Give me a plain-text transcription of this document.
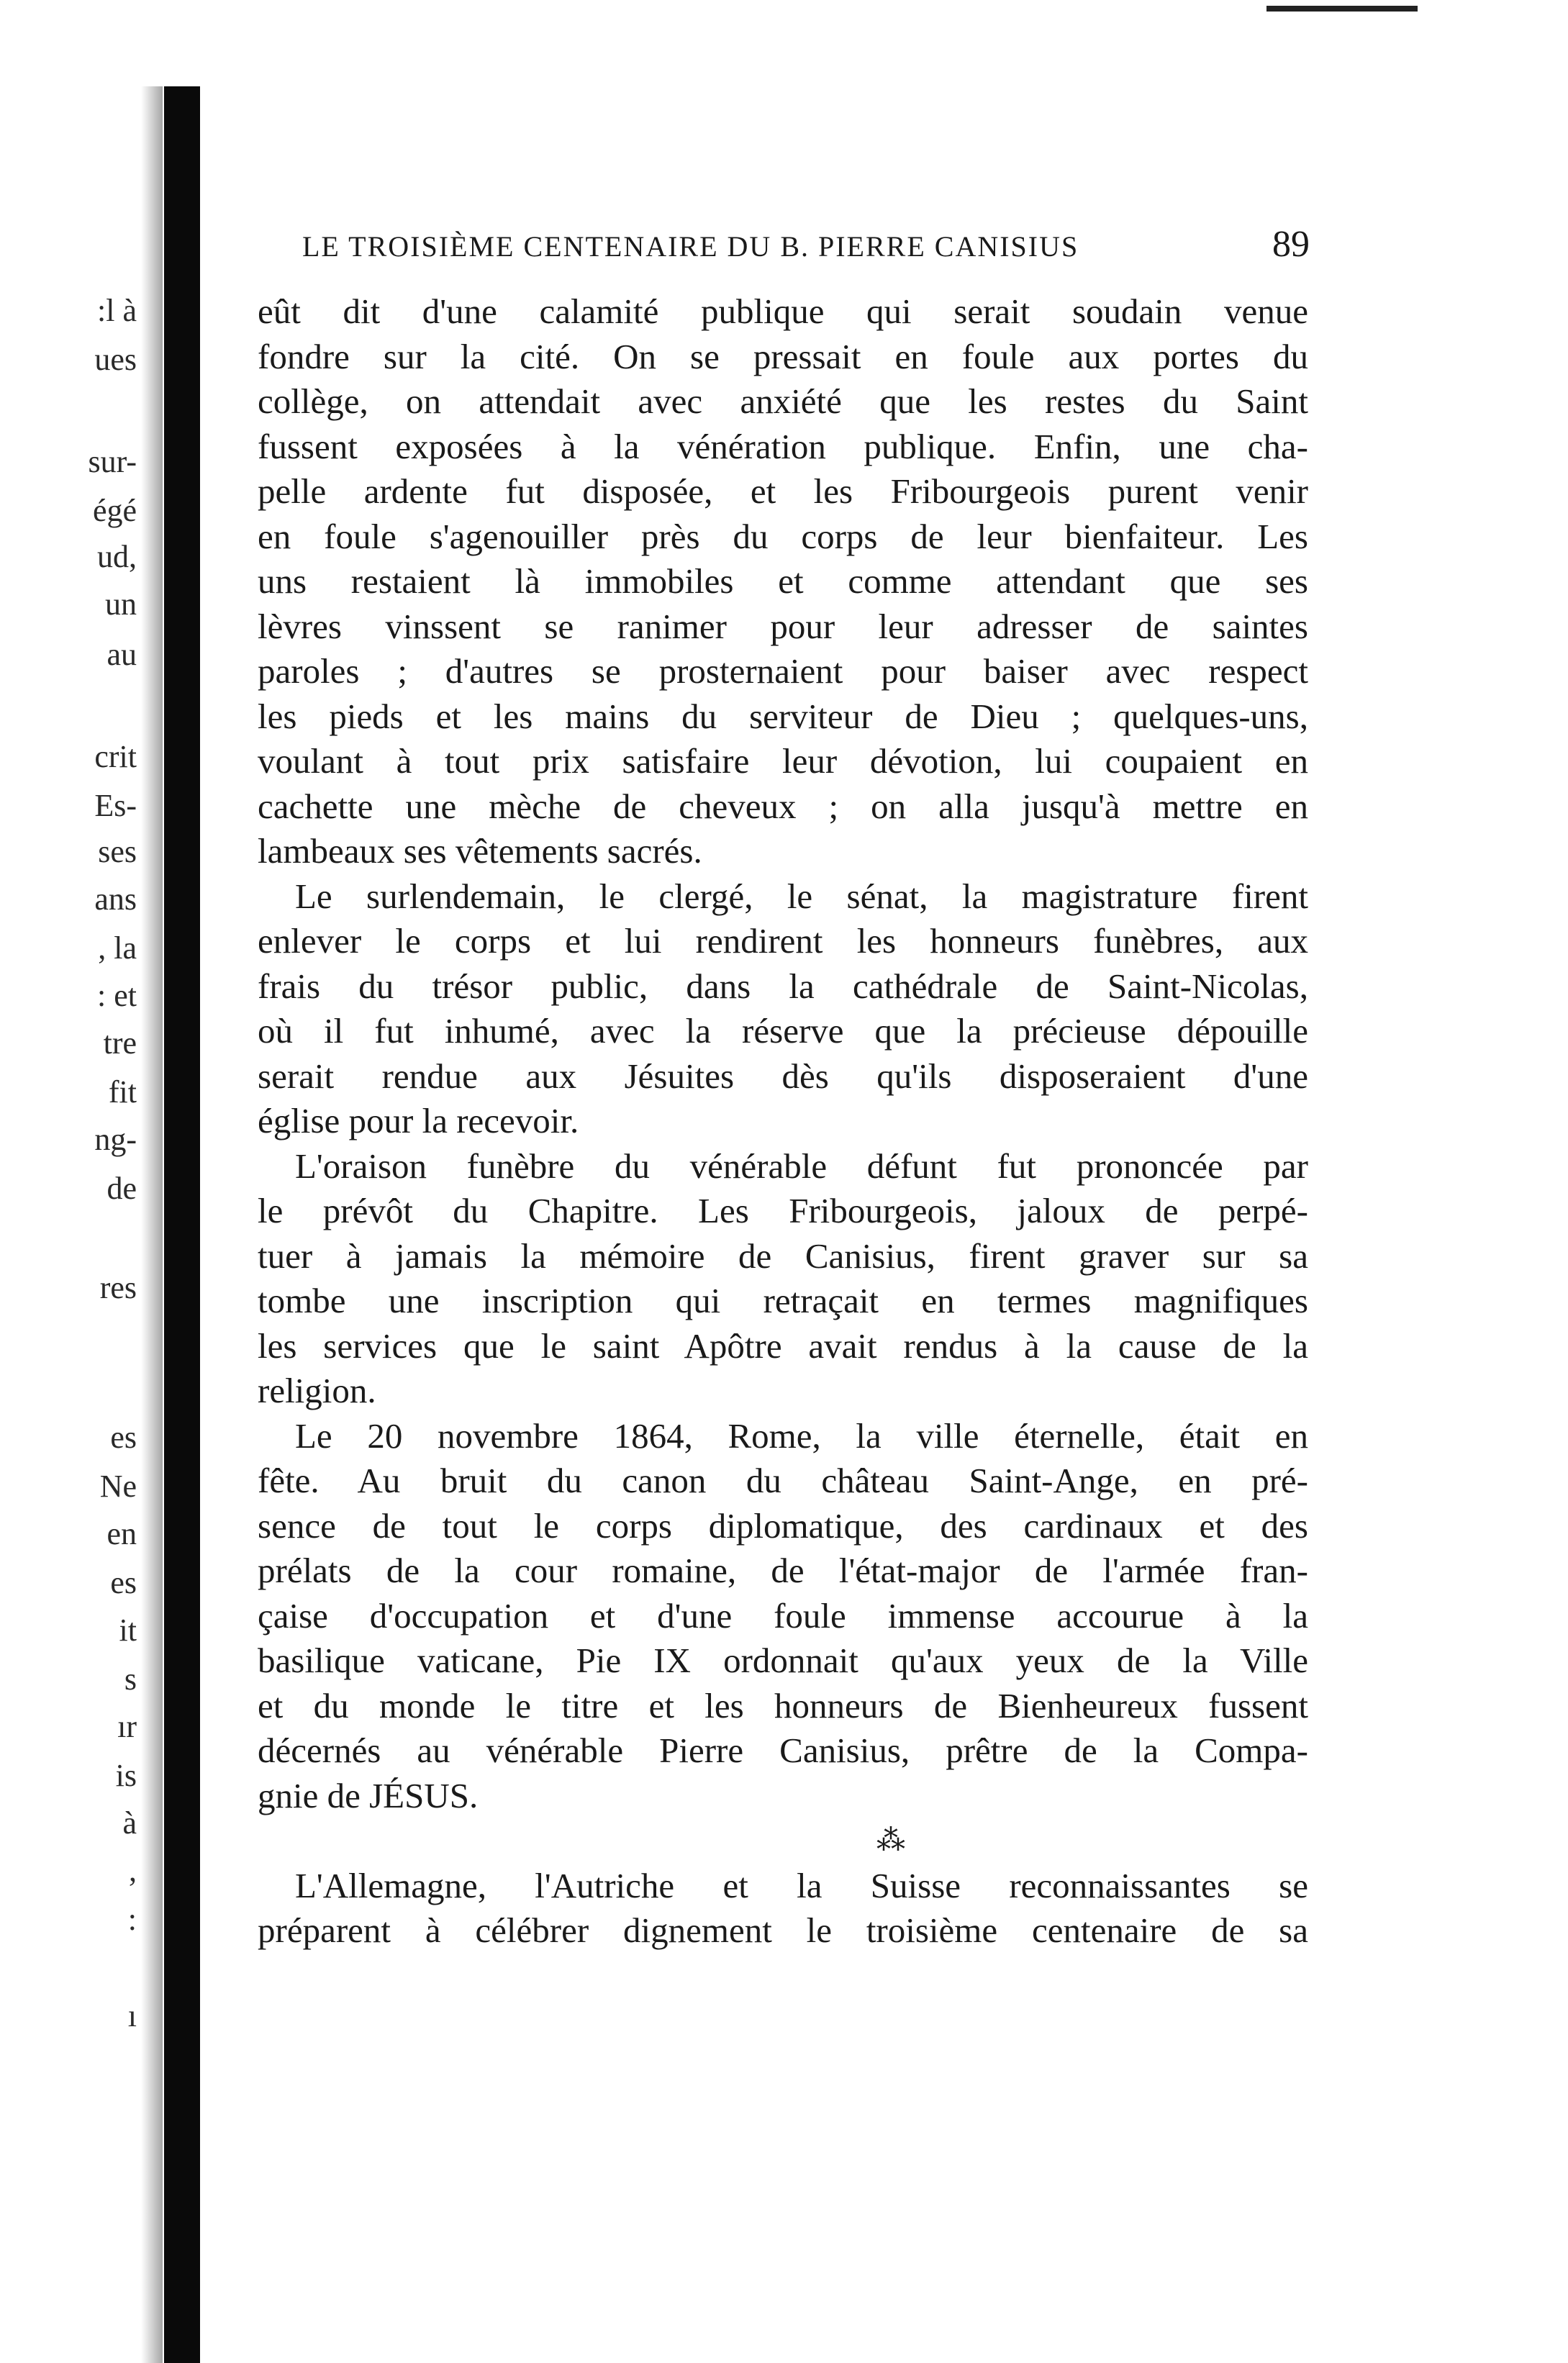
:l à
ues
sur-
égé
ud,
un
au
crit
Es-
ses
ans
, la
: et
tre
fit
ng-
de
res
es
Ne
en
es
it
s
ır
is
à
,
:
ı
LE TROISIÈME CENTENAIRE DU B. PIERRE CANISIUS	89
eût dit d'une calamité publique qui serait soudain venue
fondre sur la cité. On se pressait en foule aux portes du
collège, on attendait avec anxiété que les restes du Saint
fussent exposées à la vénération publique. Enfin, une cha-
pelle ardente fut disposée, et les Fribourgeois purent venir
en foule s'agenouiller près du corps de leur bienfaiteur. Les
uns restaient là immobiles et comme attendant que ses
lèvres vinssent se ranimer pour leur adresser de saintes
paroles ; d'autres se prosternaient pour baiser avec respect
les pieds et les mains du serviteur de Dieu ; quelques-uns,
voulant à tout prix satisfaire leur dévotion, lui coupaient en
cachette une mèche de cheveux ; on alla jusqu'à mettre en
lambeaux ses vêtements sacrés.
Le surlendemain, le clergé, le sénat, la magistrature firent
enlever le corps et lui rendirent les honneurs funèbres, aux
frais du trésor public, dans la cathédrale de Saint-Nicolas,
où il fut inhumé, avec la réserve que la précieuse dépouille
serait rendue aux Jésuites dès qu'ils disposeraient d'une
église pour la recevoir.
L'oraison funèbre du vénérable défunt fut prononcée par
le prévôt du Chapitre. Les Fribourgeois, jaloux de perpé-
tuer à jamais la mémoire de Canisius, firent graver sur sa
tombe une inscription qui retraçait en termes magnifiques
les services que le saint Apôtre avait rendus à la cause de la
religion.
Le 20 novembre 1864, Rome, la ville éternelle, était en
fête. Au bruit du canon du château Saint-Ange, en pré-
sence de tout le corps diplomatique, des cardinaux et des
prélats de la cour romaine, de l'état-major de l'armée fran-
çaise d'occupation et d'une foule immense accourue à la
basilique vaticane, Pie IX ordonnait qu'aux yeux de la Ville
et du monde le titre et les honneurs de Bienheureux fussent
décernés au vénérable Pierre Canisius, prêtre de la Compa-
gnie de JÉSUS.
⁂
L'Allemagne, l'Autriche et la Suisse reconnaissantes se
préparent à célébrer dignement le troisième centenaire de sa
